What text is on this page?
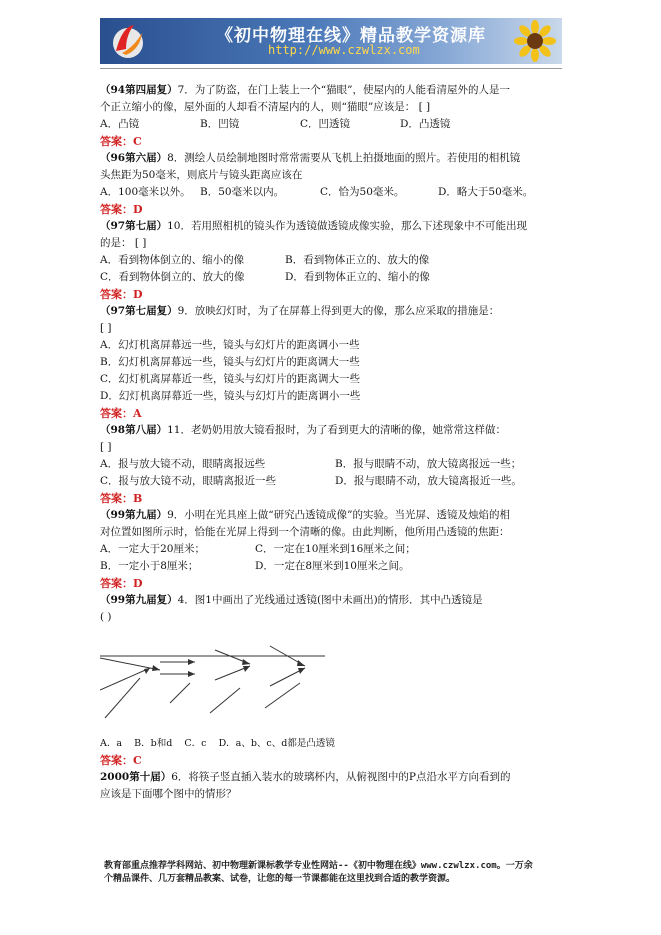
《初中物理在线》精品教学资源库
http://www.czwlzx.com
（94第四届复）7．为了防盗，在门上装上一个“猫眼”，使屋内的人能看清屋外的人是一
个正立缩小的像，屋外面的人却看不清屋内的人，则“猫眼”应该是： [ ]
A．凸镜	B．凹镜	C．凹透镜	D．凸透镜
答案：C
（96第六届）8．测绘人员绘制地图时常常需要从飞机上拍摄地面的照片。若使用的相机镜
头焦距为50毫米，则底片与镜头距离应该在
A．100毫米以外。 B．50毫米以内。	C．恰为50毫米。	D．略大于50毫米。
答案：D
（97第七届）10．若用照相机的镜头作为透镜做透镜成像实验，那么下述现象中不可能出现
的是： [ ]
A．看到物体倒立的、缩小的像	B．看到物体正立的、放大的像
C．看到物体倒立的、放大的像	D．看到物体正立的、缩小的像
答案：D
（97第七届复）9．放映幻灯时，为了在屏幕上得到更大的像，那么应采取的措施是：
[ ]
A．幻灯机离屏幕远一些，镜头与幻灯片的距离调小一些
B．幻灯机离屏幕远一些，镜头与幻灯片的距离调大一些
C．幻灯机离屏幕近一些，镜头与幻灯片的距离调大一些
D．幻灯机离屏幕近一些，镜头与幻灯片的距离调小一些
答案：A
（98第八届）11．老奶奶用放大镜看报时，为了看到更大的清晰的像，她常常这样做：
[ ]
A．报与放大镜不动，眼睛离报远些	B．报与眼睛不动，放大镜离报远一些；
C．报与放大镜不动，眼睛离报近一些	D．报与眼睛不动，放大镜离报近一些。
答案：B
（99第九届）9．小明在光具座上做“研究凸透镜成像”的实验。当光屏、透镜及烛焰的相
对位置如图所示时，恰能在光屏上得到一个清晰的像。由此判断，他所用凸透镜的焦距：
A．一定大于20厘米；	C．一定在10厘米到16厘米之间；
B．一定小于8厘米；	D．一定在8厘米到10厘米之间。
答案：D
（99第九届复）4．图1中画出了光线通过透镜(图中未画出)的情形．其中凸透镜是
( )
A．a B．b和d C．c D．a、b、c、d都是凸透镜
答案：C
2000第十届）6．将筷子竖直插入装水的玻璃杯内，从俯视图中的P点沿水平方向看到的
应该是下面哪个图中的情形？
教育部重点推荐学科网站、初中物理新课标教学专业性网站--《初中物理在线》www.czwlzx.com。一万余
个精品课件、几万套精品教案、试卷，让您的每一节课都能在这里找到合适的教学资源。
